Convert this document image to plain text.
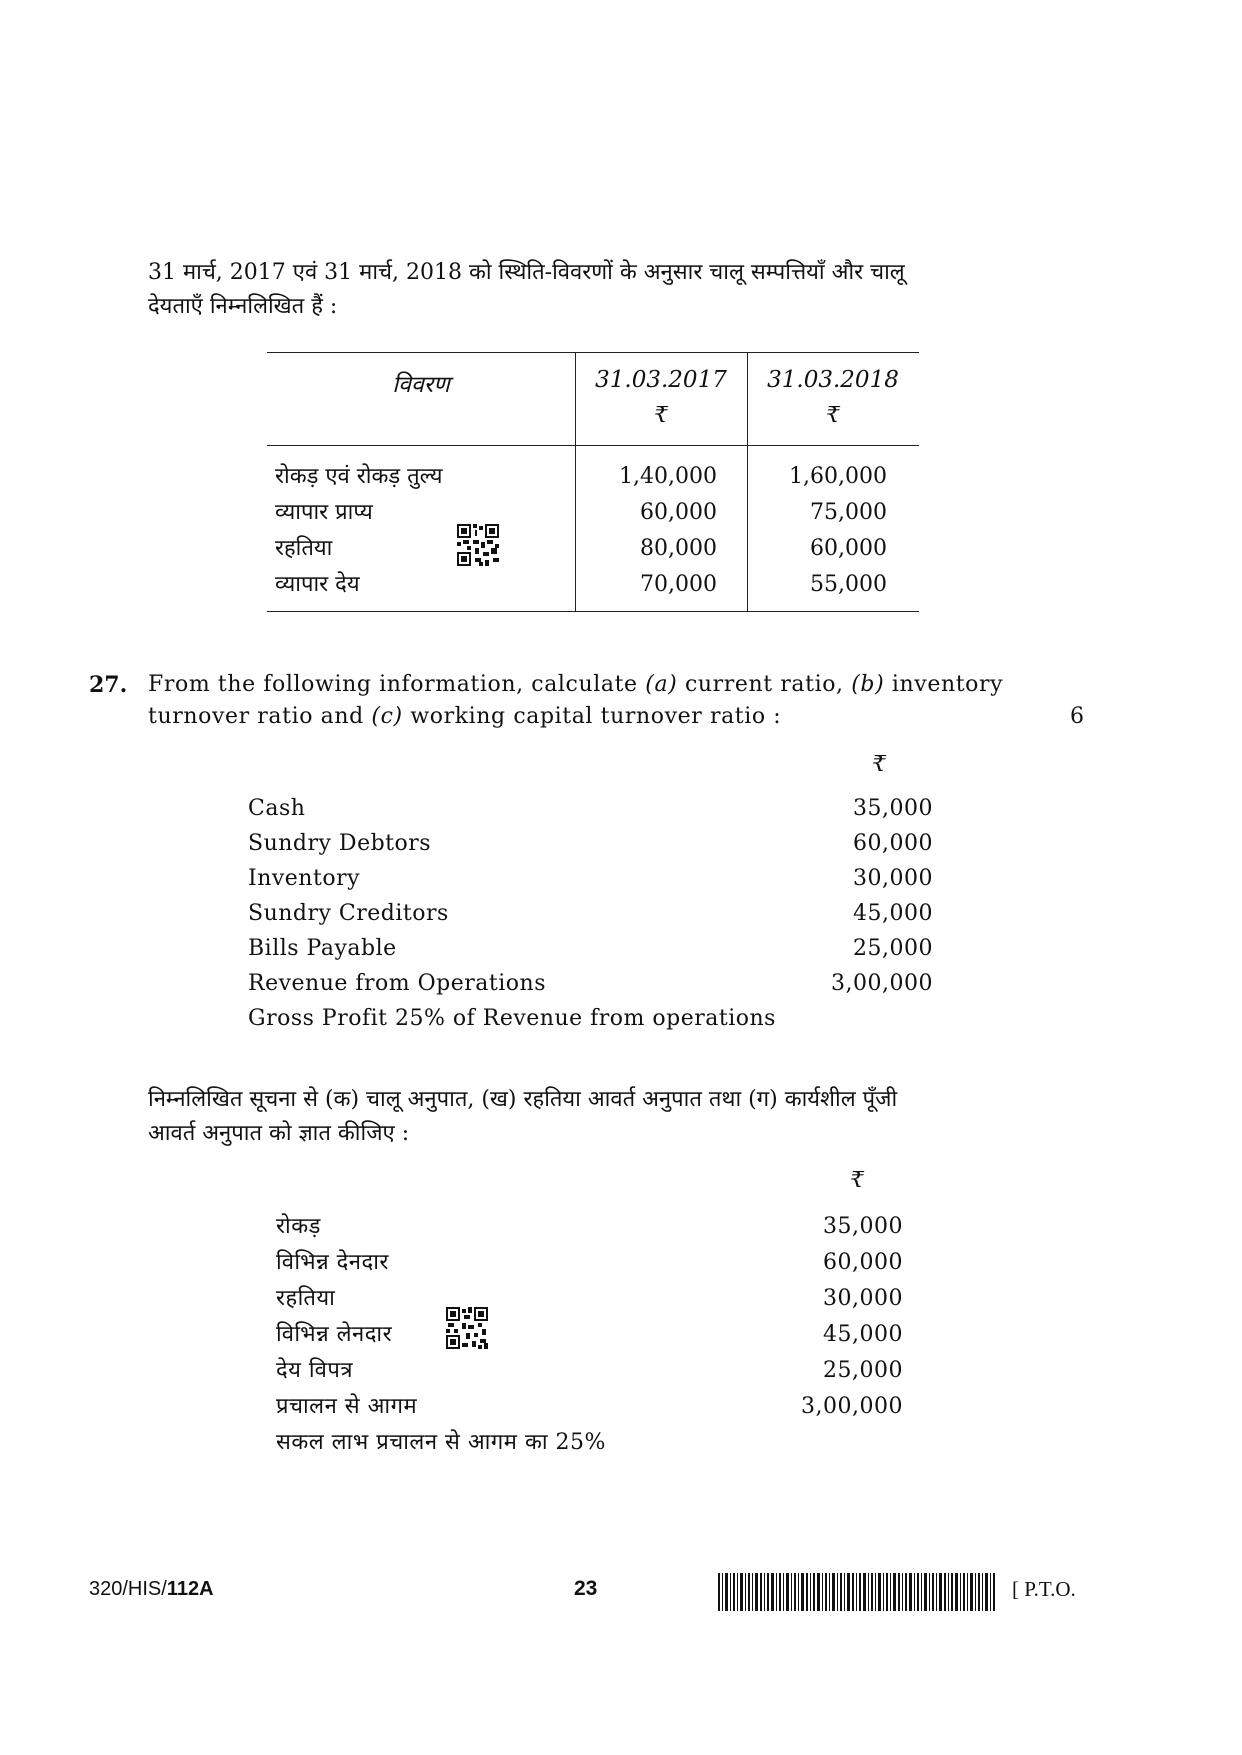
31 मार्च, 2017 एवं 31 मार्च, 2018 को स्थिति-विवरणों के अनुसार चालू सम्पत्तियाँ और चालू
देयताएँ निम्नलिखित हैं :
विवरण	31.03.2017	31.03.2018
₹	₹
रोकड़ एवं रोकड़ तुल्य	1,40,000	1,60,000
व्यापार प्राप्य	60,000	75,000
रहतिया	80,000	60,000
व्यापार देय	70,000	55,000
27. From the following information, calculate (a) current ratio, (b) inventory
turnover ratio and (c) working capital turnover ratio :	6
₹
Cash	35,000
Sundry Debtors	60,000
Inventory	30,000
Sundry Creditors	45,000
Bills Payable	25,000
Revenue from Operations	3,00,000
Gross Profit 25% of Revenue from operations
निम्नलिखित सूचना से (क) चालू अनुपात, (ख) रहतिया आवर्त अनुपात तथा (ग) कार्यशील पूँजी
आवर्त अनुपात को ज्ञात कीजिए :
₹
रोकड़	35,000
विभिन्न देनदार	60,000
रहतिया	30,000
विभिन्न लेनदार	45,000
देय विपत्र	25,000
प्रचालन से आगम	3,00,000
सकल लाभ प्रचालन से आगम का 25%
320/HIS/112A	23	[ P.T.O.
